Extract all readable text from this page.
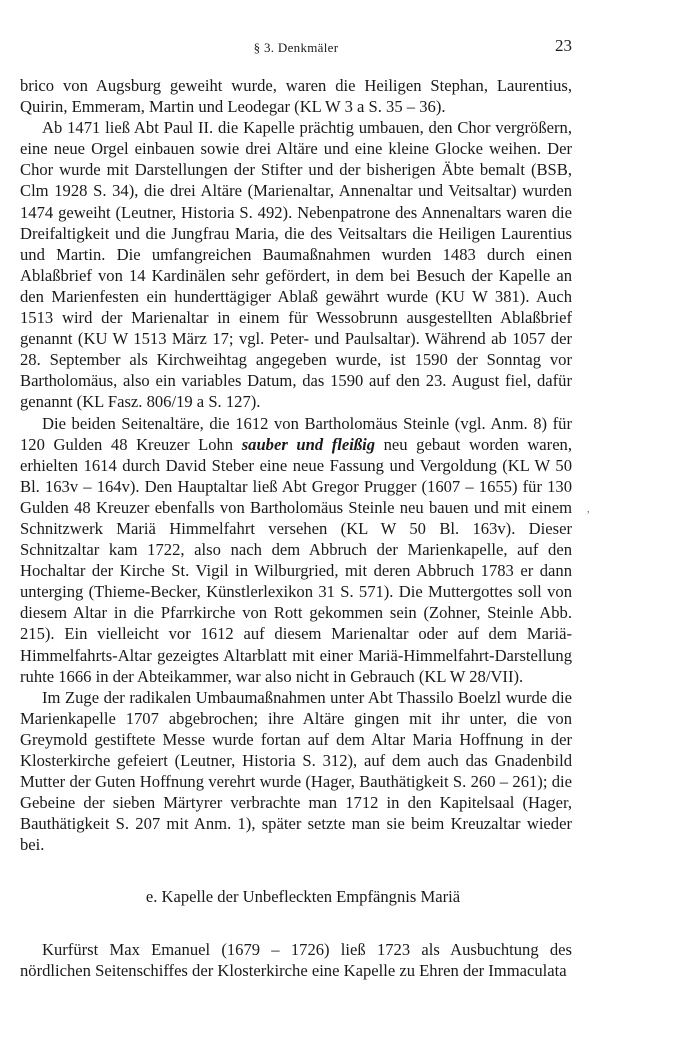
§ 3. Denkmäler	23

brico von Augsburg geweiht wurde, waren die Heiligen Stephan, Laurentius, Quirin, Emmeram, Martin und Leodegar (KL W 3 a S. 35 – 36).

Ab 1471 ließ Abt Paul II. die Kapelle prächtig umbauen, den Chor vergrößern, eine neue Orgel einbauen sowie drei Altäre und eine kleine Glocke weihen. Der Chor wurde mit Darstellungen der Stifter und der bisherigen Äbte bemalt (BSB, Clm 1928 S. 34), die drei Altäre (Marienaltar, Annenaltar und Veitsaltar) wurden 1474 geweiht (Leutner, Historia S. 492). Nebenpatrone des Annenaltars waren die Dreifaltigkeit und die Jungfrau Maria, die des Veitsaltars die Heiligen Laurentius und Martin. Die umfangreichen Baumaßnahmen wurden 1483 durch einen Ablaßbrief von 14 Kardinälen sehr gefördert, in dem bei Besuch der Kapelle an den Marienfesten ein hunderttägiger Ablaß gewährt wurde (KU W 381). Auch 1513 wird der Marienaltar in einem für Wessobrunn ausgestellten Ablaßbrief genannt (KU W 1513 März 17; vgl. Peter- und Paulsaltar). Während ab 1057 der 28. September als Kirchweihtag angegeben wurde, ist 1590 der Sonntag vor Bartholomäus, also ein variables Datum, das 1590 auf den 23. August fiel, dafür genannt (KL Fasz. 806/19 a S. 127).

Die beiden Seitenaltäre, die 1612 von Bartholomäus Steinle (vgl. Anm. 8) für 120 Gulden 48 Kreuzer Lohn sauber und fleißig neu gebaut worden waren, erhielten 1614 durch David Steber eine neue Fassung und Vergoldung (KL W 50 Bl. 163v – 164v). Den Hauptaltar ließ Abt Gregor Prugger (1607 – 1655) für 130 Gulden 48 Kreuzer ebenfalls von Bartholomäus Steinle neu bauen und mit einem Schnitzwerk Mariä Himmelfahrt versehen (KL W 50 Bl. 163v). Dieser Schnitzaltar kam 1722, also nach dem Abbruch der Marienkapelle, auf den Hochaltar der Kirche St. Vigil in Wilburgried, mit deren Abbruch 1783 er dann unterging (Thieme-Becker, Künstlerlexikon 31 S. 571). Die Muttergottes soll von diesem Altar in die Pfarrkirche von Rott gekommen sein (Zohner, Steinle Abb. 215). Ein vielleicht vor 1612 auf diesem Marienaltar oder auf dem Mariä-Himmelfahrts-Altar gezeigtes Altarblatt mit einer Mariä-Himmelfahrt-Darstellung ruhte 1666 in der Abteikammer, war also nicht in Gebrauch (KL W 28/VII).

Im Zuge der radikalen Umbaumaßnahmen unter Abt Thassilo Boelzl wurde die Marienkapelle 1707 abgebrochen; ihre Altäre gingen mit ihr unter, die von Greymold gestiftete Messe wurde fortan auf dem Altar Maria Hoffnung in der Klosterkirche gefeiert (Leutner, Historia S. 312), auf dem auch das Gnadenbild Mutter der Guten Hoffnung verehrt wurde (Hager, Bauthätigkeit S. 260 – 261); die Gebeine der sieben Märtyrer verbrachte man 1712 in den Kapitelsaal (Hager, Bauthätigkeit S. 207 mit Anm. 1), später setzte man sie beim Kreuzaltar wieder bei.

e. Kapelle der Unbefleckten Empfängnis Mariä

Kurfürst Max Emanuel (1679 – 1726) ließ 1723 als Ausbuchtung des nördlichen Seitenschiffes der Klosterkirche eine Kapelle zu Ehren der Immaculata

,
